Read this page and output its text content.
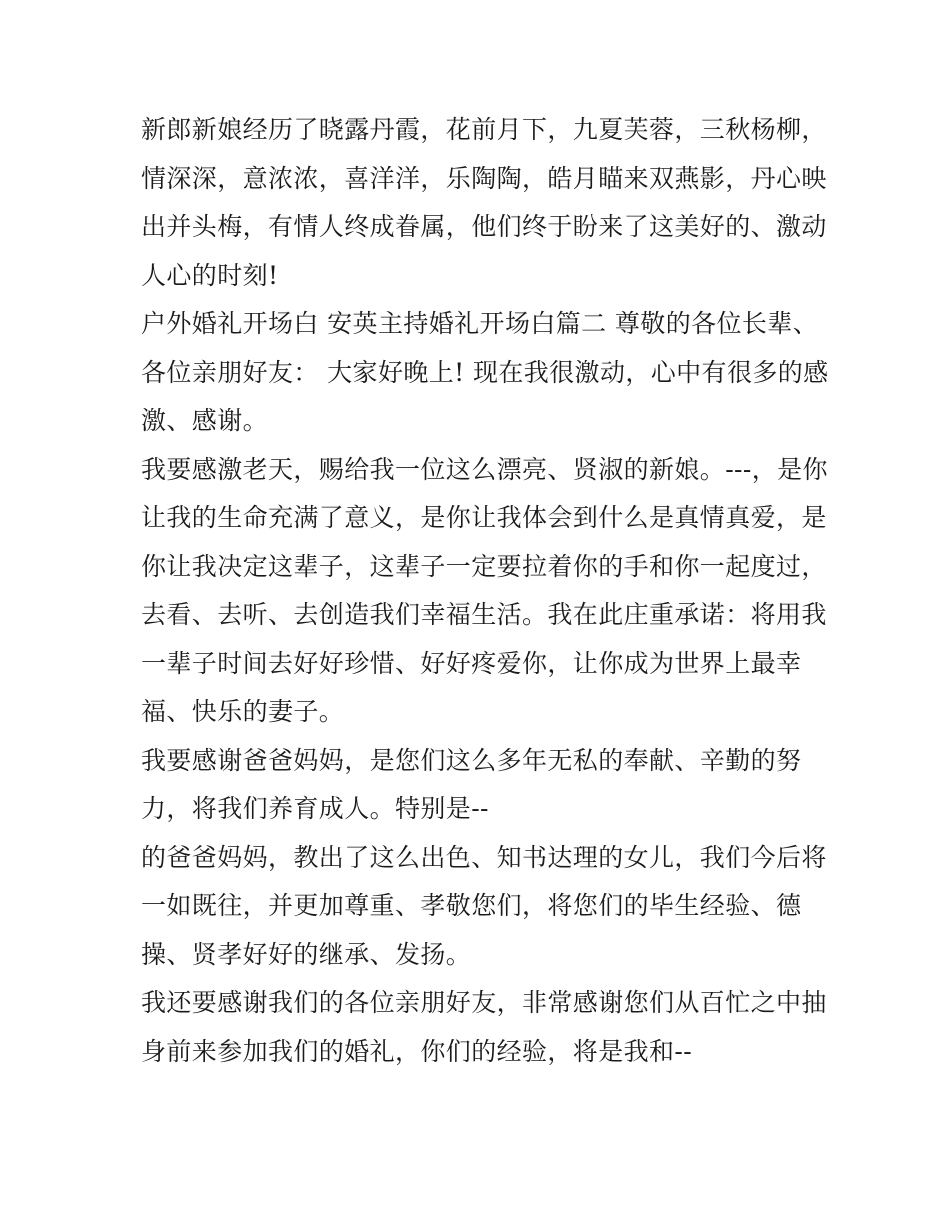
新郎新娘经历了晓露丹霞，花前月下，九夏芙蓉，三秋杨柳，
情深深，意浓浓，喜洋洋，乐陶陶，皓月瞄来双燕影，丹心映
出并头梅，有情人终成眷属，他们终于盼来了这美好的、激动
人心的时刻!
户外婚礼开场白 安英主持婚礼开场白篇二 尊敬的各位长辈、
各位亲朋好友： 大家好晚上! 现在我很激动，心中有很多的感
激、感谢。
我要感激老天，赐给我一位这么漂亮、贤淑的新娘。---，是你
让我的生命充满了意义，是你让我体会到什么是真情真爱，是
你让我决定这辈子，这辈子一定要拉着你的手和你一起度过，
去看、去听、去创造我们幸福生活。我在此庄重承诺：将用我
一辈子时间去好好珍惜、好好疼爱你，让你成为世界上最幸
福、快乐的妻子。
我要感谢爸爸妈妈，是您们这么多年无私的奉献、辛勤的努
力，将我们养育成人。特别是--
的爸爸妈妈，教出了这么出色、知书达理的女儿，我们今后将
一如既往，并更加尊重、孝敬您们，将您们的毕生经验、德
操、贤孝好好的继承、发扬。
我还要感谢我们的各位亲朋好友，非常感谢您们从百忙之中抽
身前来参加我们的婚礼，你们的经验，将是我和--
